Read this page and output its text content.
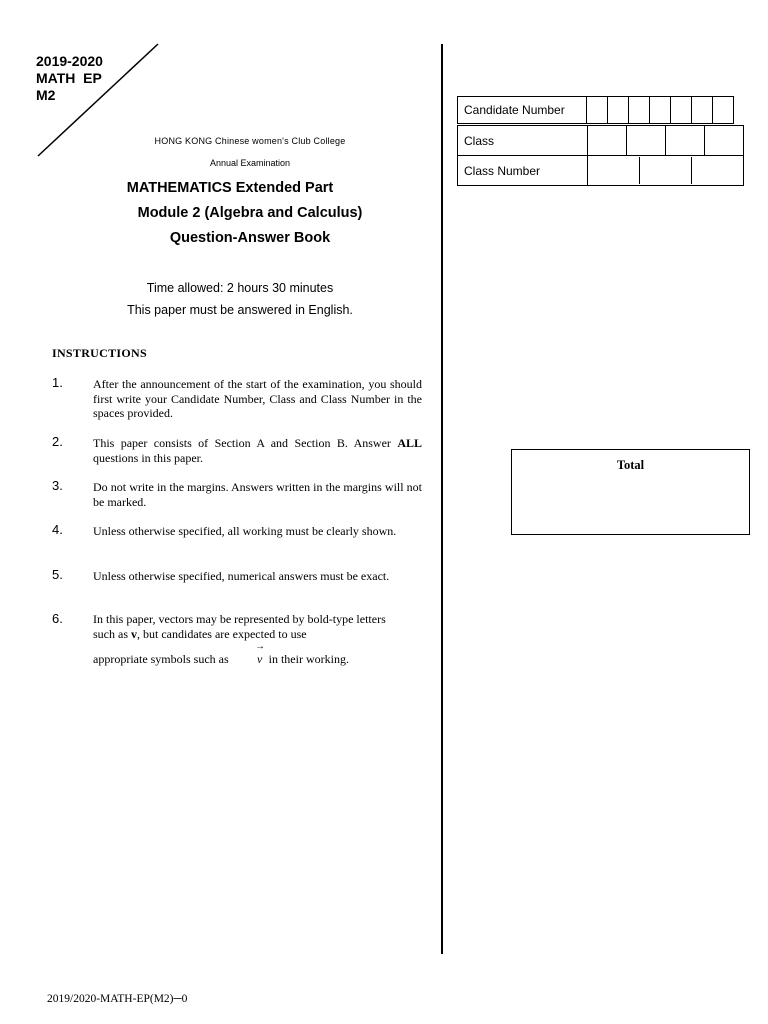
2019-2020
MATH  EP
M2
HONG KONG Chinese women's Club College
Annual Examination
MATHEMATICS Extended Part
Module 2 (Algebra and Calculus)
Question-Answer Book
Time allowed: 2 hours 30 minutes
This paper must be answered in English.
INSTRUCTIONS
1.	After the announcement of the start of the examination, you should first write your Candidate Number, Class and Class Number in the spaces provided.
2.	This paper consists of Section A and Section B. Answer ALL questions in this paper.
3.	Do not write in the margins. Answers written in the margins will not be marked.
4.	Unless otherwise specified, all working must be clearly shown.
5.	Unless otherwise specified, numerical answers must be exact.
6.	In this paper, vectors may be represented by bold-type letters such as v, but candidates are expected to use
appropriate symbols such as	in their working.
→
v
Candidate Number							
Class				
Class Number				
Total
2019/2020-MATH-EP(M2)─0
